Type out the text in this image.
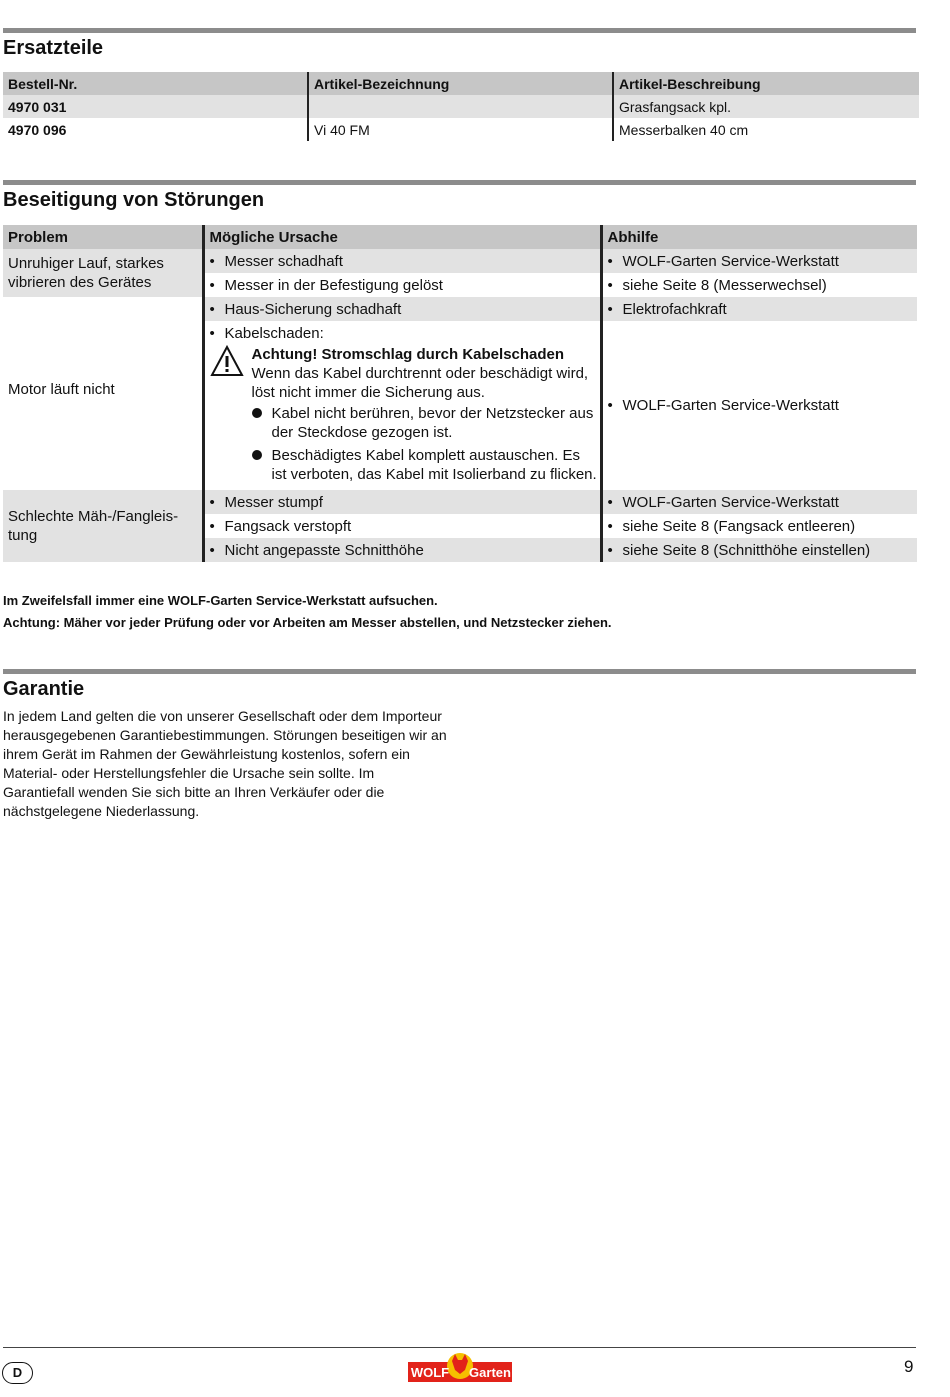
Ersatzteile
Bestell-Nr.	Artikel-Bezeichnung	Artikel-Beschreibung
4970 031		Grasfangsack kpl.
4970 096	Vi 40 FM	Messerbalken 40 cm
Beseitigung von Störungen
Problem	Mögliche Ursache	Abhilfe
Unruhiger Lauf, starkes vibrieren des Gerätes	• Messer schadhaft	• WOLF-Garten Service-Werkstatt
	• Messer in der Befestigung gelöst	• siehe Seite 8 (Messerwechsel)
Motor läuft nicht	• Haus-Sicherung schadhaft	• Elektrofachkraft

	• Kabelschaden:
Achtung! Stromschlag durch Kabelschaden
Wenn das Kabel durchtrennt oder beschädigt wird, löst nicht immer die Sicherung aus.
Kabel nicht berühren, bevor der Netzstecker aus der Steckdose gezogen ist.
Beschädigtes Kabel komplett austauschen. Es ist verboten, das Kabel mit Isolierband zu flicken.	• WOLF-Garten Service-Werkstatt
Schlechte Mäh-/Fangleis-tung	• Messer stumpf	• WOLF-Garten Service-Werkstatt
	• Fangsack verstopft	• siehe Seite 8 (Fangsack entleeren)
	• Nicht angepasste Schnitthöhe	• siehe Seite 8 (Schnitthöhe einstellen)
Im Zweifelsfall immer eine WOLF-Garten Service-Werkstatt aufsuchen.
Achtung: Mäher vor jeder Prüfung oder vor Arbeiten am Messer abstellen, und Netzstecker ziehen.
Garantie

In jedem Land gelten die von unserer Gesellschaft oder dem Importeur herausgegebenen Garantiebestimmungen. Störungen beseitigen wir an ihrem Gerät im Rahmen der Gewährleistung kostenlos, sofern ein Material- oder Herstellungsfehler die Ursache sein sollte. Im Garantiefall wenden Sie sich bitte an Ihren Verkäufer oder die nächstgelegene Niederlassung.

D	WOLF Garten	9
